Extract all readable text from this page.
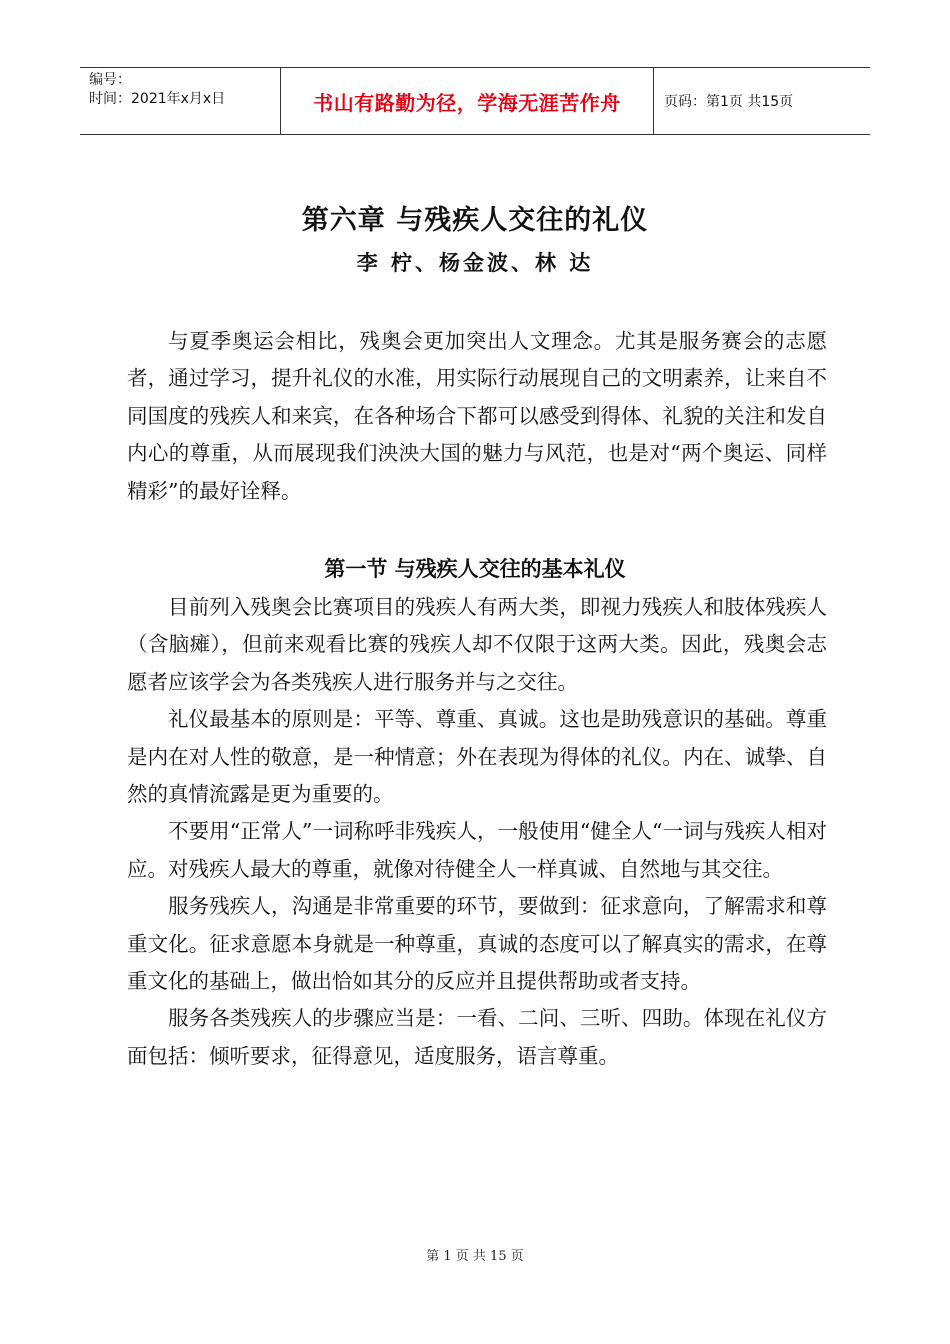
编号：
时间：2021年x月x日	书山有路勤为径，学海无涯苦作舟	页码：第1页 共15页
第六章 与残疾人交往的礼仪
李 柠、杨金波、林 达

与夏季奥运会相比，残奥会更加突出人文理念。尤其是服务赛会的志愿者，通过学习，提升礼仪的水准，用实际行动展现自己的文明素养，让来自不同国度的残疾人和来宾，在各种场合下都可以感受到得体、礼貌的关注和发自内心的尊重，从而展现我们泱泱大国的魅力与风范，也是对“两个奥运、同样精彩”的最好诠释。

第一节 与残疾人交往的基本礼仪

目前列入残奥会比赛项目的残疾人有两大类，即视力残疾人和肢体残疾人（含脑瘫），但前来观看比赛的残疾人却不仅限于这两大类。因此，残奥会志愿者应该学会为各类残疾人进行服务并与之交往。

礼仪最基本的原则是：平等、尊重、真诚。这也是助残意识的基础。尊重是内在对人性的敬意，是一种情意；外在表现为得体的礼仪。内在、诚挚、自然的真情流露是更为重要的。

不要用“正常人”一词称呼非残疾人，一般使用“健全人“一词与残疾人相对应。对残疾人最大的尊重，就像对待健全人一样真诚、自然地与其交往。

服务残疾人，沟通是非常重要的环节，要做到：征求意向，了解需求和尊重文化。征求意愿本身就是一种尊重，真诚的态度可以了解真实的需求，在尊重文化的基础上，做出恰如其分的反应并且提供帮助或者支持。

服务各类残疾人的步骤应当是：一看、二问、三听、四助。体现在礼仪方面包括：倾听要求，征得意见，适度服务，语言尊重。

第 1 页 共 15 页
